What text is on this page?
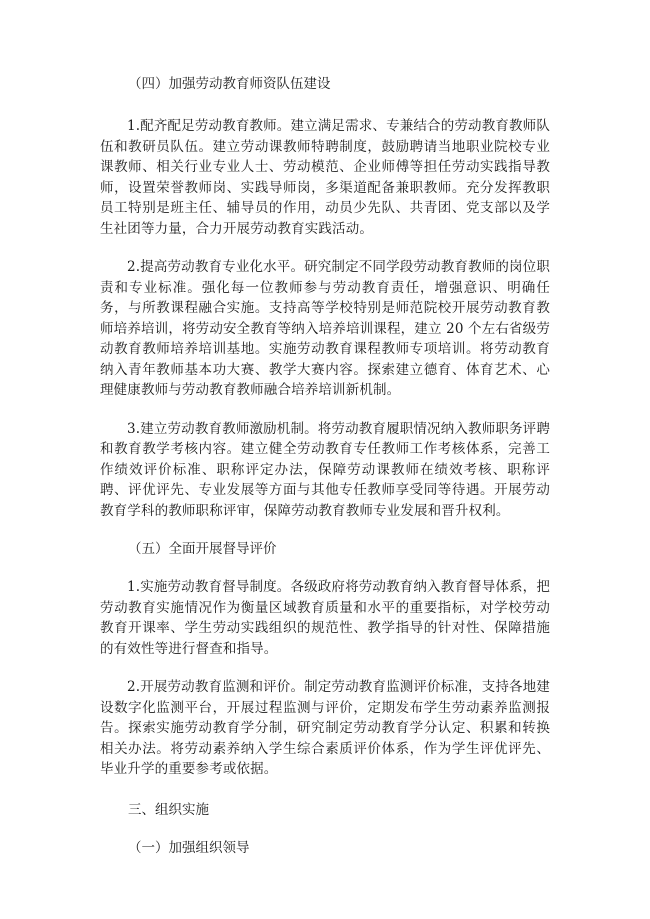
（四）加强劳动教育师资队伍建设

1.配齐配足劳动教育教师。建立满足需求、专兼结合的劳动教育教师队伍和教研员队伍。建立劳动课教师特聘制度，鼓励聘请当地职业院校专业课教师、相关行业专业人士、劳动模范、企业师傅等担任劳动实践指导教师，设置荣誉教师岗、实践导师岗，多渠道配备兼职教师。充分发挥教职员工特别是班主任、辅导员的作用，动员少先队、共青团、党支部以及学生社团等力量，合力开展劳动教育实践活动。

2.提高劳动教育专业化水平。研究制定不同学段劳动教育教师的岗位职责和专业标准。强化每一位教师参与劳动教育责任，增强意识、明确任务，与所教课程融合实施。支持高等学校特别是师范院校开展劳动教育教师培养培训，将劳动安全教育等纳入培养培训课程，建立 20 个左右省级劳动教育教师培养培训基地。实施劳动教育课程教师专项培训。将劳动教育纳入青年教师基本功大赛、教学大赛内容。探索建立德育、体育艺术、心理健康教师与劳动教育教师融合培养培训新机制。

3.建立劳动教育教师激励机制。将劳动教育履职情况纳入教师职务评聘和教育教学考核内容。建立健全劳动教育专任教师工作考核体系，完善工作绩效评价标准、职称评定办法，保障劳动课教师在绩效考核、职称评聘、评优评先、专业发展等方面与其他专任教师享受同等待遇。开展劳动教育学科的教师职称评审，保障劳动教育教师专业发展和晋升权利。

（五）全面开展督导评价

1.实施劳动教育督导制度。各级政府将劳动教育纳入教育督导体系，把劳动教育实施情况作为衡量区域教育质量和水平的重要指标，对学校劳动教育开课率、学生劳动实践组织的规范性、教学指导的针对性、保障措施的有效性等进行督查和指导。

2.开展劳动教育监测和评价。制定劳动教育监测评价标准，支持各地建设数字化监测平台，开展过程监测与评价，定期发布学生劳动素养监测报告。探索实施劳动教育学分制，研究制定劳动教育学分认定、积累和转换相关办法。将劳动素养纳入学生综合素质评价体系，作为学生评优评先、毕业升学的重要参考或依据。

三、组织实施

（一）加强组织领导
